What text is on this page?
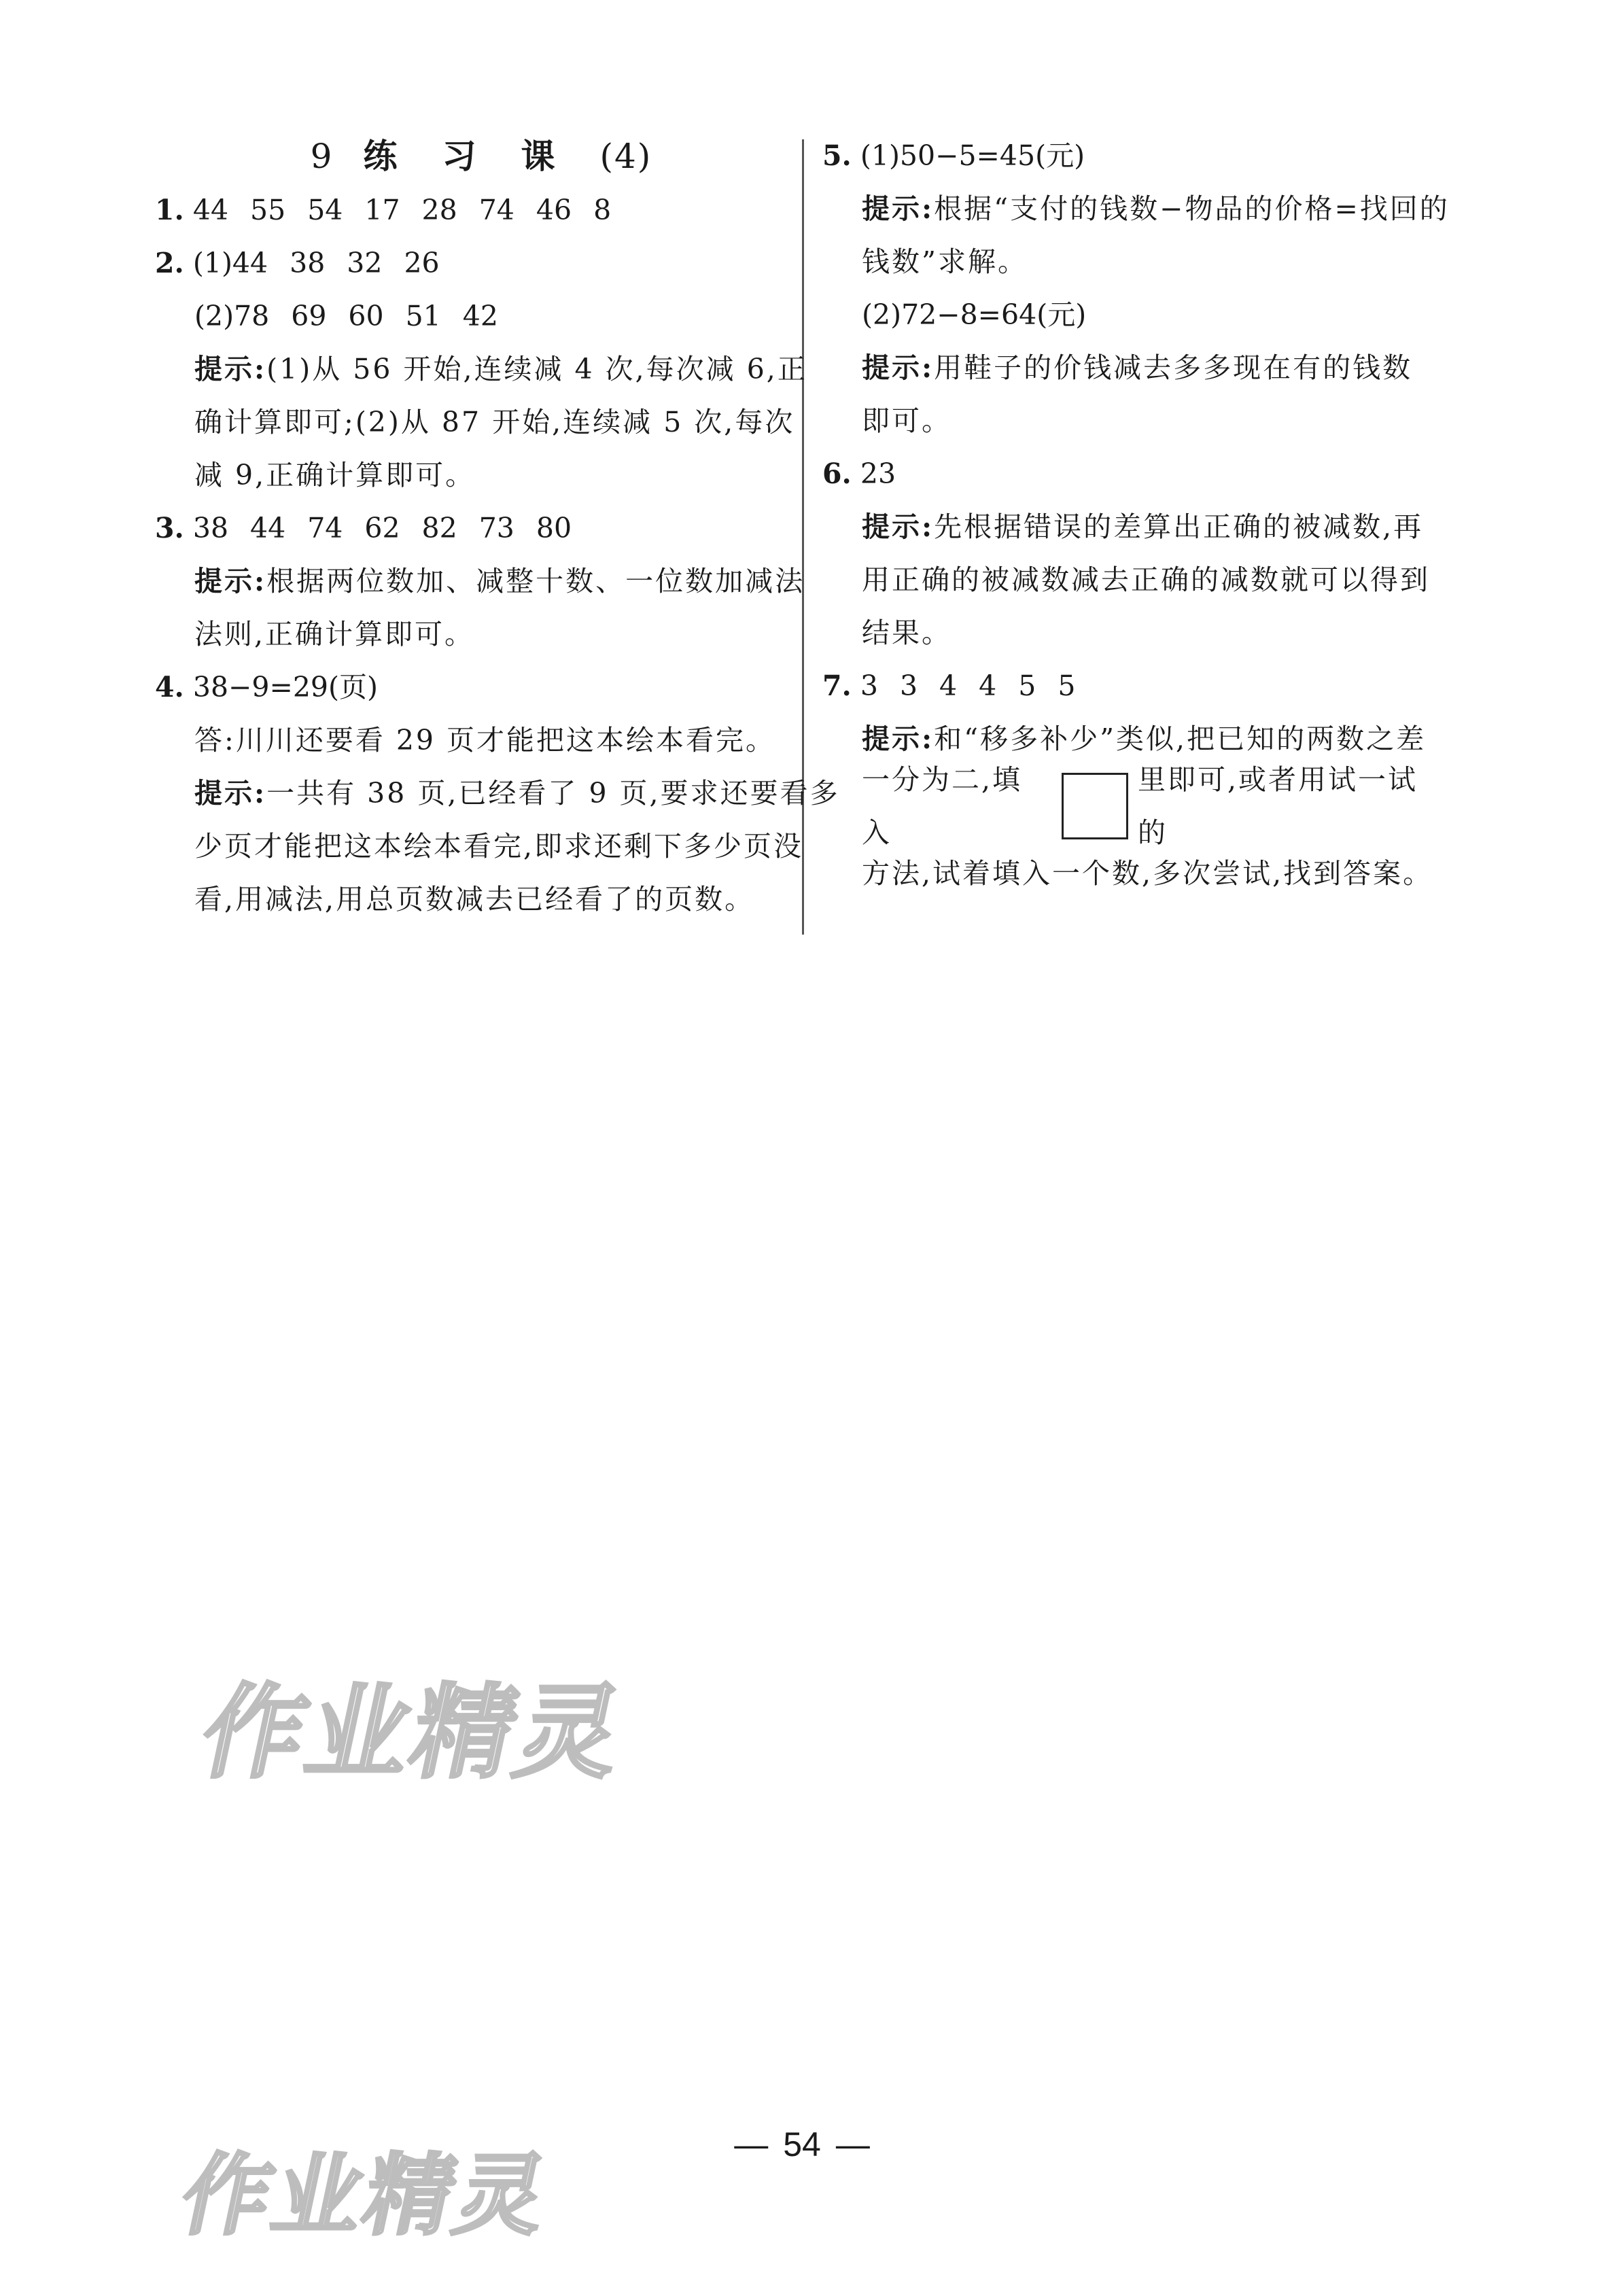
9 练 习 课 (4)
1. 44 55 54 17 28 74 46 8
2. (1)44 38 32 26
(2)78 69 60 51 42
提示:(1)从 56 开始,连续减 4 次,每次减 6,正
确计算即可;(2)从 87 开始,连续减 5 次,每次
减 9,正确计算即可。
3. 38 44 74 62 82 73 80
提示:根据两位数加、减整十数、一位数加减法
法则,正确计算即可。
4. 38−9=29(页)
答:川川还要看 29 页才能把这本绘本看完。
提示:一共有 38 页,已经看了 9 页,要求还要看多
少页才能把这本绘本看完,即求还剩下多少页没
看,用减法,用总页数减去已经看了的页数。
5. (1)50−5=45(元)
提示:根据“支付的钱数−物品的价格=找回的
钱数”求解。
(2)72−8=64(元)
提示:用鞋子的价钱减去多多现在有的钱数
即可。
6. 23
提示:先根据错误的差算出正确的被减数,再
用正确的被减数减去正确的减数就可以得到
结果。
7. 3 3 4 4 5 5
提示:和“移多补少”类似,把已知的两数之差
一分为二,填入
里即可,或者用试一试的
方法,试着填入一个数,多次尝试,找到答案。
作业精灵
作业精灵	— 54 —
